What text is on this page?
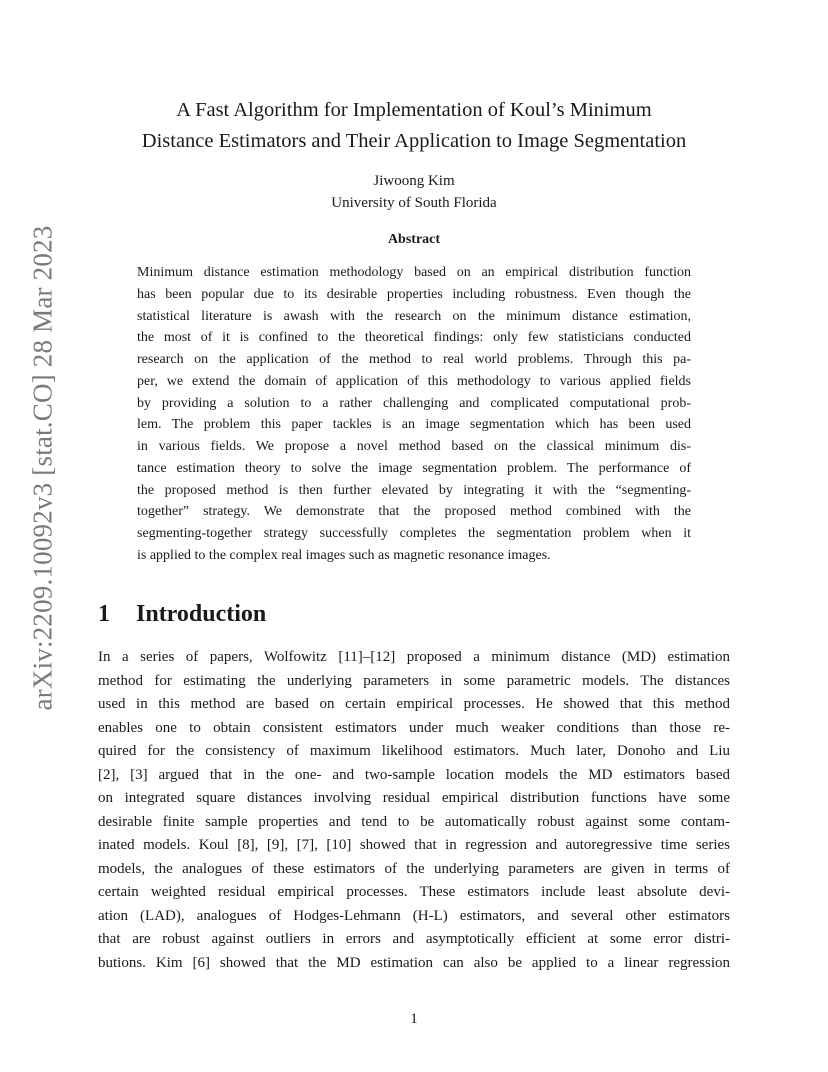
arXiv:2209.10092v3 [stat.CO] 28 Mar 2023
A Fast Algorithm for Implementation of Koul’s Minimum
Distance Estimators and Their Application to Image Segmentation
Jiwoong Kim
University of South Florida
Abstract
Minimum distance estimation methodology based on an empirical distribution function
has been popular due to its desirable properties including robustness. Even though the
statistical literature is awash with the research on the minimum distance estimation,
the most of it is confined to the theoretical findings: only few statisticians conducted
research on the application of the method to real world problems. Through this pa-
per, we extend the domain of application of this methodology to various applied fields
by providing a solution to a rather challenging and complicated computational prob-
lem. The problem this paper tackles is an image segmentation which has been used
in various fields. We propose a novel method based on the classical minimum dis-
tance estimation theory to solve the image segmentation problem. The performance of
the proposed method is then further elevated by integrating it with the “segmenting-
together” strategy. We demonstrate that the proposed method combined with the
segmenting-together strategy successfully completes the segmentation problem when it
is applied to the complex real images such as magnetic resonance images.
1 Introduction
In a series of papers, Wolfowitz [11]–[12] proposed a minimum distance (MD) estimation
method for estimating the underlying parameters in some parametric models. The distances
used in this method are based on certain empirical processes. He showed that this method
enables one to obtain consistent estimators under much weaker conditions than those re-
quired for the consistency of maximum likelihood estimators. Much later, Donoho and Liu
[2], [3] argued that in the one- and two-sample location models the MD estimators based
on integrated square distances involving residual empirical distribution functions have some
desirable finite sample properties and tend to be automatically robust against some contam-
inated models. Koul [8], [9], [7], [10] showed that in regression and autoregressive time series
models, the analogues of these estimators of the underlying parameters are given in terms of
certain weighted residual empirical processes. These estimators include least absolute devi-
ation (LAD), analogues of Hodges-Lehmann (H-L) estimators, and several other estimators
that are robust against outliers in errors and asymptotically efficient at some error distri-
butions. Kim [6] showed that the MD estimation can also be applied to a linear regression
1
